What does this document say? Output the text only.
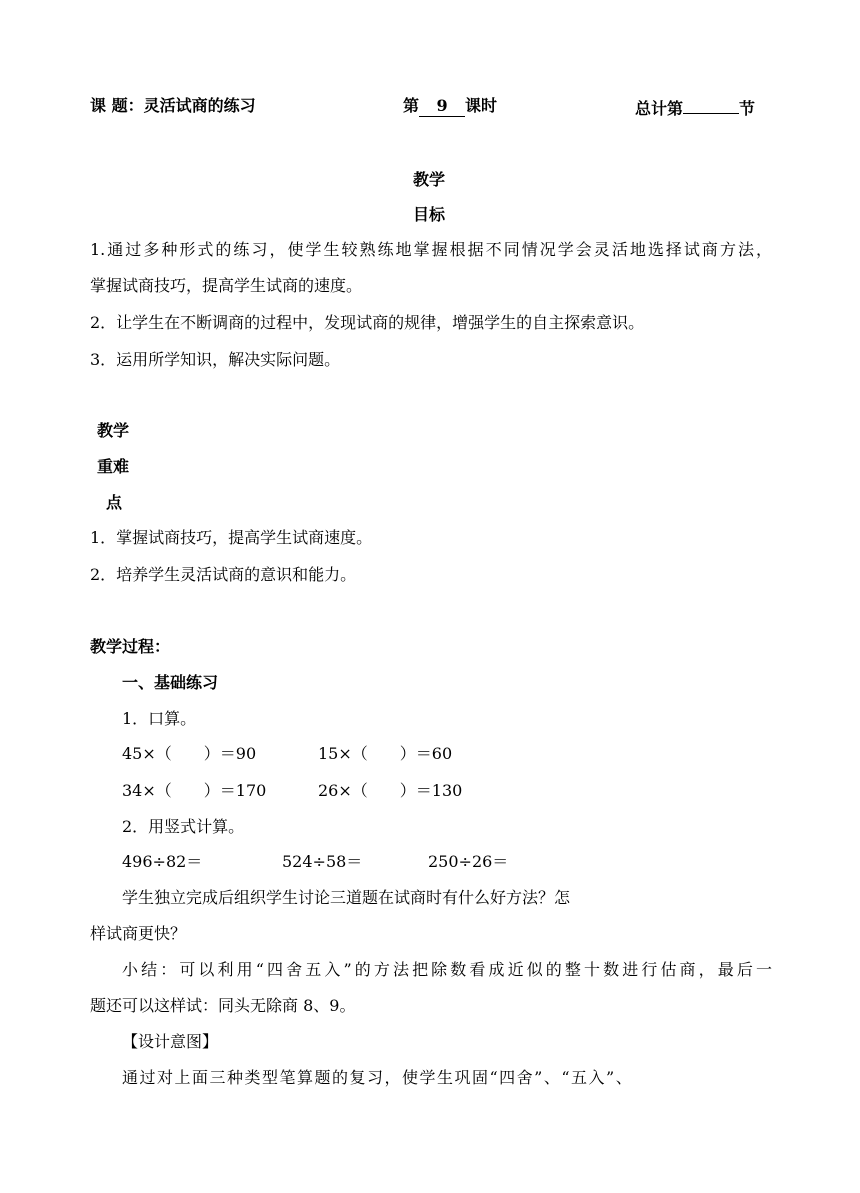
课 题：灵活试商的练习	第 9 课时	总计第	节
教学
目标
1.通过多种形式的练习，使学生较熟练地掌握根据不同情况学会灵活地选择试商方法，
掌握试商技巧，提高学生试商的速度。
2．让学生在不断调商的过程中，发现试商的规律，增强学生的自主探索意识。
3．运用所学知识，解决实际问题。
教学
重难
点
1．掌握试商技巧，提高学生试商速度。
2．培养学生灵活试商的意识和能力。
教学过程：
一、基础练习
1．口算。
45×（　　）＝90	15×（　　）＝60
34×（　　）＝170	26×（　　）＝130
2．用竖式计算。
496÷82＝	524÷58＝	250÷26＝
学生独立完成后组织学生讨论三道题在试商时有什么好方法？怎
样试商更快？
小结：可以利用“四舍五入”的方法把除数看成近似的整十数进行估商，最后一
题还可以这样试：同头无除商 8、9。
【设计意图】
通过对上面三种类型笔算题的复习，使学生巩固“四舍”、“五入”、
